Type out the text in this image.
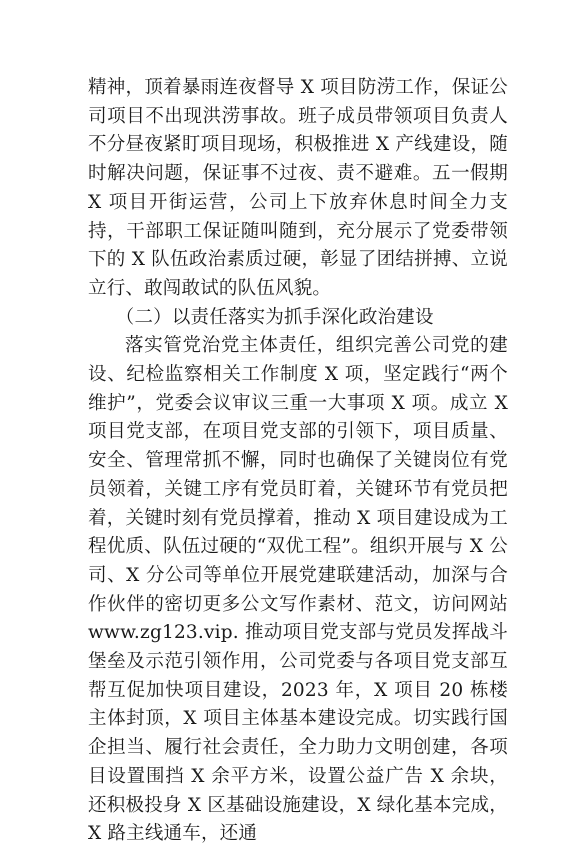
精神，顶着暴雨连夜督导 X 项目防涝工作，保证公司项目不出现洪涝事故。班子成员带领项目负责人不分昼夜紧盯项目现场，积极推进 X 产线建设，随时解决问题，保证事不过夜、责不避难。五一假期 X 项目开街运营，公司上下放弃休息时间全力支持，干部职工保证随叫随到，充分展示了党委带领下的 X 队伍政治素质过硬，彰显了团结拼搏、立说立行、敢闯敢试的队伍风貌。

（二）以责任落实为抓手深化政治建设

落实管党治党主体责任，组织完善公司党的建设、纪检监察相关工作制度 X 项，坚定践行“两个维护”，党委会议审议三重一大事项 X 项。成立 X 项目党支部，在项目党支部的引领下，项目质量、安全、管理常抓不懈，同时也确保了关键岗位有党员领着，关键工序有党员盯着，关键环节有党员把着，关键时刻有党员撑着，推动 X 项目建设成为工程优质、队伍过硬的“双优工程”。组织开展与 X 公司、X 分公司等单位开展党建联建活动，加深与合作伙伴的密切更多公文写作素材、范文，访问网站 www.zg123.vip. 推动项目党支部与党员发挥战斗堡垒及示范引领作用，公司党委与各项目党支部互帮互促加快项目建设，2023 年，X 项目 20 栋楼主体封顶，X 项目主体基本建设完成。切实践行国企担当、履行社会责任，全力助力文明创建，各项目设置围挡 X 余平方米，设置公益广告 X 余块，还积极投身 X 区基础设施建设，X 绿化基本完成，X 路主线通车，还通
